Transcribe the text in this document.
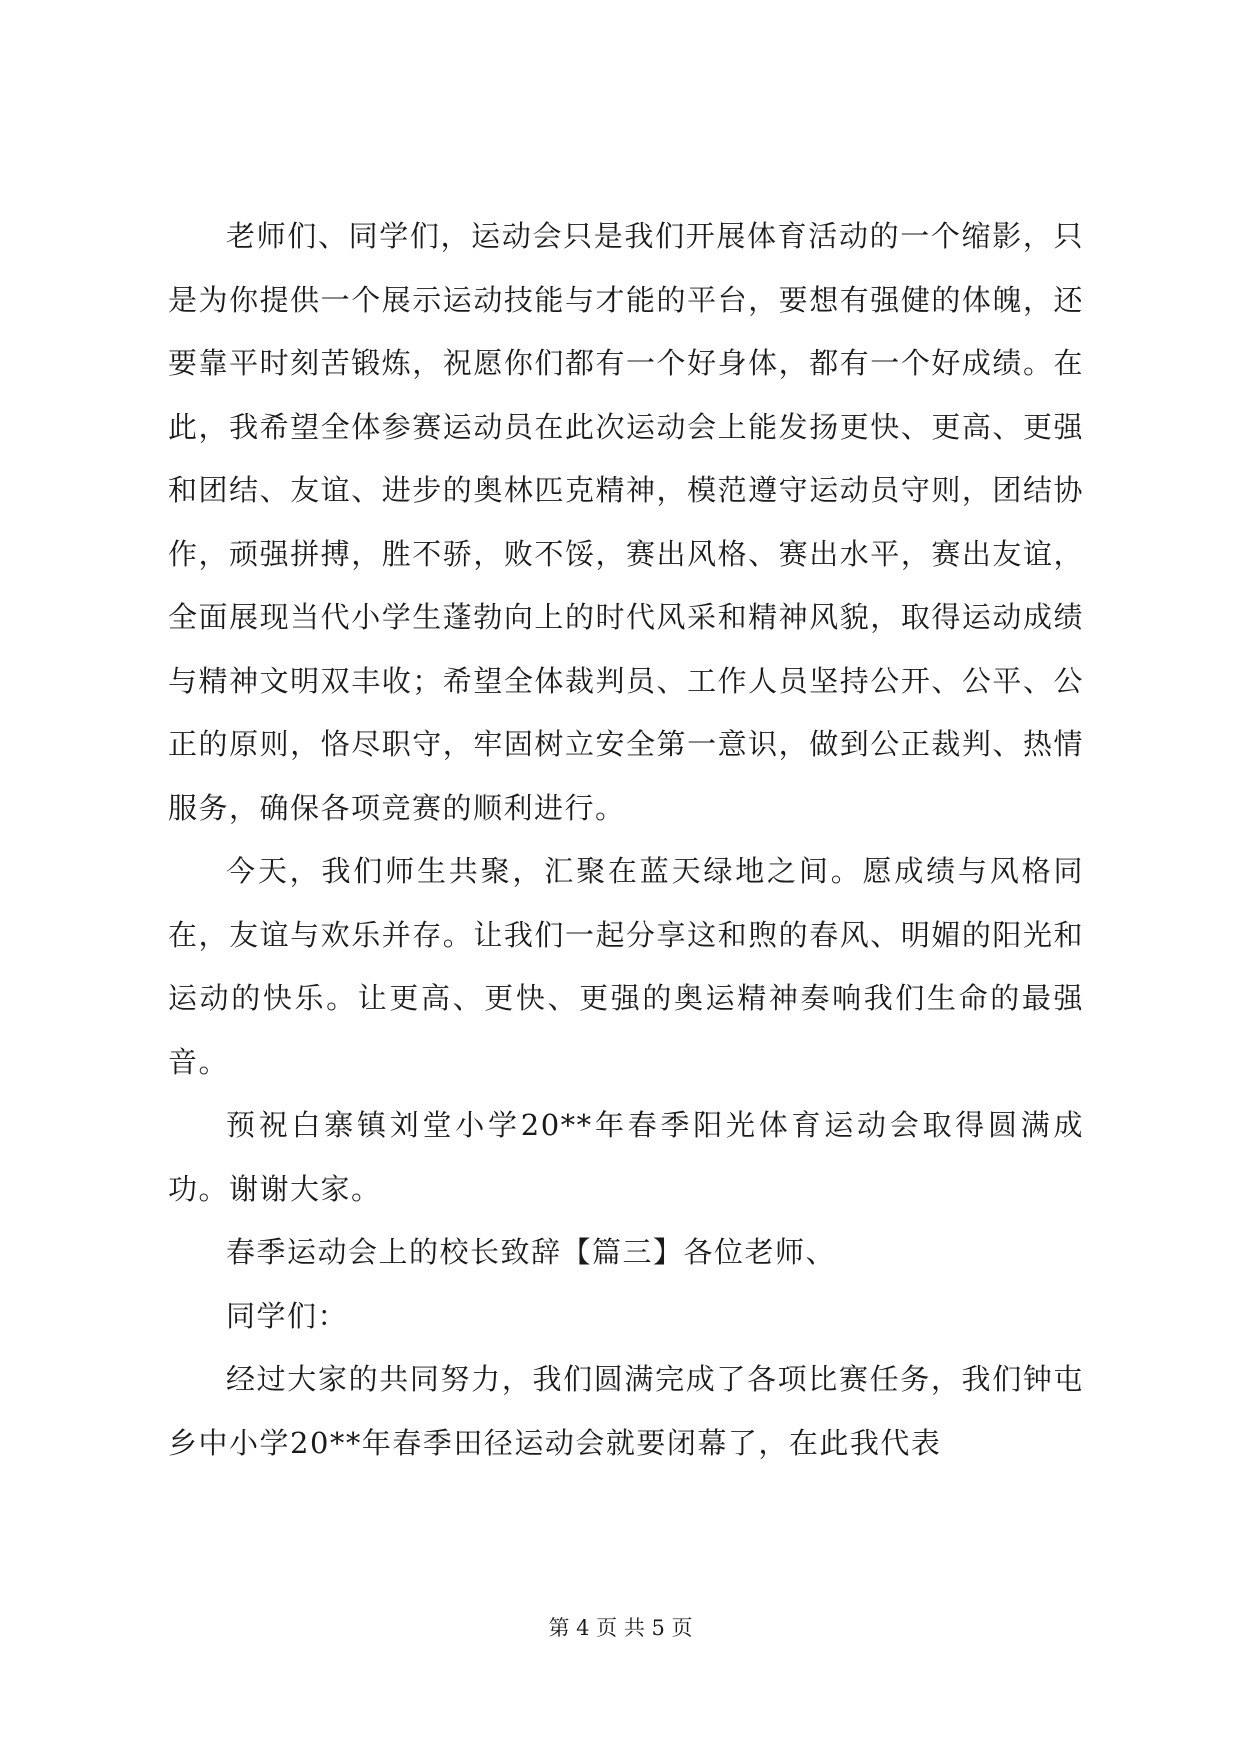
老师们、同学们，运动会只是我们开展体育活动的一个缩影，只是为你提供一个展示运动技能与才能的平台，要想有强健的体魄，还要靠平时刻苦锻炼，祝愿你们都有一个好身体，都有一个好成绩。在此，我希望全体参赛运动员在此次运动会上能发扬更快、更高、更强和团结、友谊、进步的奥林匹克精神，模范遵守运动员守则，团结协作，顽强拼搏，胜不骄，败不馁，赛出风格、赛出水平，赛出友谊，全面展现当代小学生蓬勃向上的时代风采和精神风貌，取得运动成绩与精神文明双丰收；希望全体裁判员、工作人员坚持公开、公平、公正的原则，恪尽职守，牢固树立安全第一意识，做到公正裁判、热情服务，确保各项竞赛的顺利进行。

今天，我们师生共聚，汇聚在蓝天绿地之间。愿成绩与风格同在，友谊与欢乐并存。让我们一起分享这和煦的春风、明媚的阳光和运动的快乐。让更高、更快、更强的奥运精神奏响我们生命的最强音。

预祝白寨镇刘堂小学20**年春季阳光体育运动会取得圆满成功。谢谢大家。

春季运动会上的校长致辞【篇三】各位老师、

同学们：

经过大家的共同努力，我们圆满完成了各项比赛任务，我们钟屯乡中小学20**年春季田径运动会就要闭幕了，在此我代表

第 4 页 共 5 页
